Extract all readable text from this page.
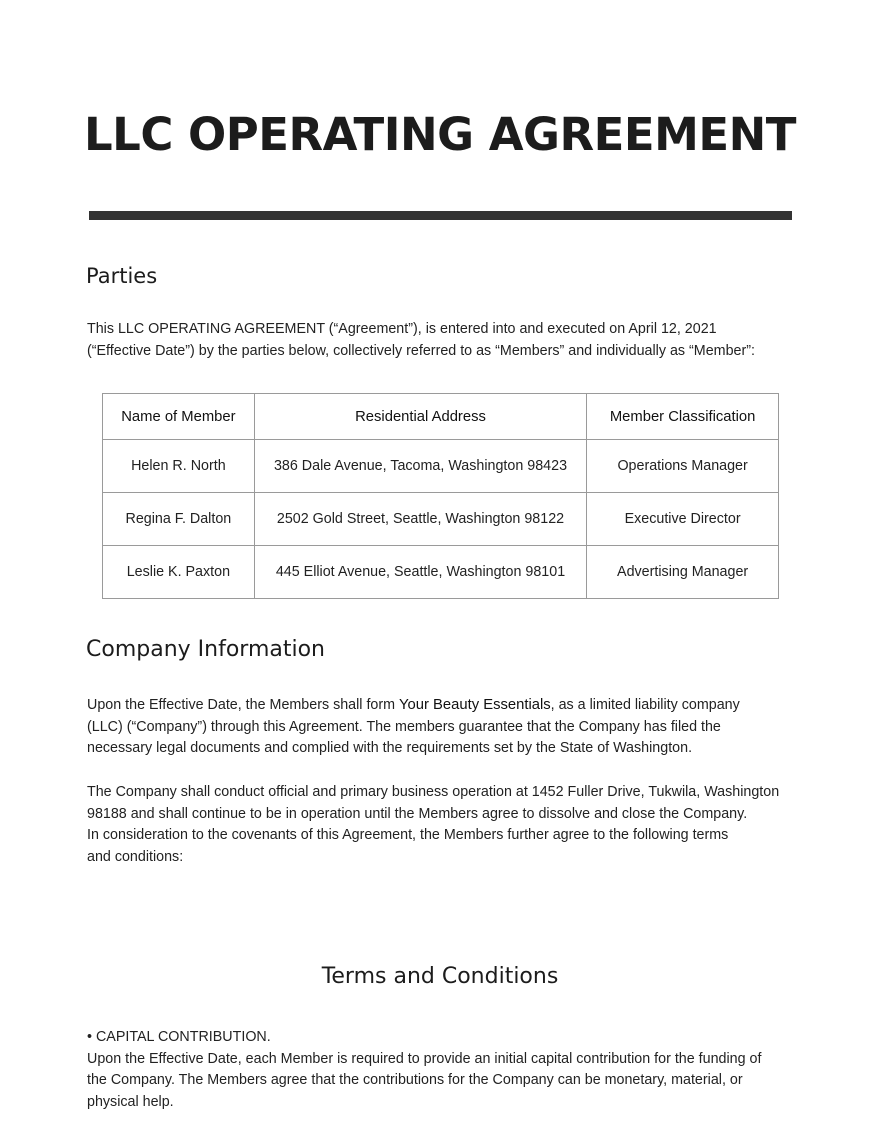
LLC OPERATING AGREEMENT
Parties
This LLC OPERATING AGREEMENT (“Agreement”), is entered into and executed on April 12, 2021
(“Effective Date”) by the parties below, collectively referred to as “Members” and individually as “Member”:
Name of Member	Residential Address	Member Classification
Helen R. North	386 Dale Avenue, Tacoma, Washington 98423	Operations Manager
Regina F. Dalton	2502 Gold Street, Seattle, Washington 98122	Executive Director
Leslie K. Paxton	445 Elliot Avenue, Seattle, Washington 98101	Advertising Manager
Company Information
Upon the Effective Date, the Members shall form Your Beauty Essentials, as a limited liability company
(LLC) (“Company”) through this Agreement. The members guarantee that the Company has filed the
necessary legal documents and complied with the requirements set by the State of Washington.
The Company shall conduct official and primary business operation at 1452 Fuller Drive, Tukwila, Washington
98188 and shall continue to be in operation until the Members agree to dissolve and close the Company.
In consideration to the covenants of this Agreement, the Members further agree to the following terms
and conditions:
Terms and Conditions
• CAPITAL CONTRIBUTION.
Upon the Effective Date, each Member is required to provide an initial capital contribution for the funding of
the Company. The Members agree that the contributions for the Company can be monetary, material, or
physical help.
